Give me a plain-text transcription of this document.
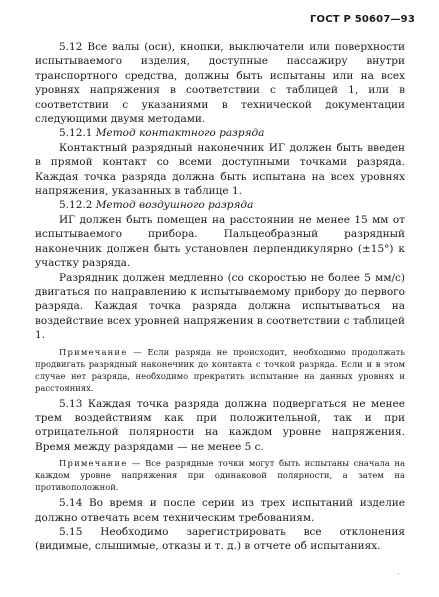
ГОСТ Р 50607—93

5.12 Все валы (оси), кнопки, выключатели или поверхности испытываемого изделия, доступные пассажиру внутри транспортного средства, должны быть испытаны или на всех уровнях напряжения в соответствии с таблицей 1, или в соответствии с указаниями в технической документации следующими двумя методами.

5.12.1 Метод контактного разряда

Контактный разрядный наконечник ИГ должен быть введен в прямой контакт со всеми доступными точками разряда. Каждая точка разряда должна быть испытана на всех уровнях напряжения, указанных в таблице 1.

5.12.2 Метод воздушного разряда

ИГ должен быть помещен на расстоянии не менее 15 мм от испытываемого прибора. Пальцеобразный разрядный наконечник должен быть установлен перпендикулярно (±15°) к участку разряда.

Разрядник должен медленно (со скоростью не более 5 мм/с) двигаться по направлению к испытываемому прибору до первого разряда. Каждая точка разряда должна испытываться на воздействие всех уровней напряжения в соответствии с таблицей 1.

Примечание — Если разряда не происходит, необходимо продолжать продвигать разрядный наконечник до контакта с точкой разряда. Если и в этом случае нет разряда, необходимо прекратить испытание на данных уровнях и расстояниях.

5.13 Каждая точка разряда должна подвергаться не менее трем воздействиям как при положительной, так и при отрицательной полярности на каждом уровне напряжения. Время между разрядами — не менее 5 с.

Примечание — Все разрядные точки могут быть испытаны сначала на каждом уровне напряжения при одинаковой полярности, а затем на противоположной.

5.14 Во время и после серии из трех испытаний изделие должно отвечать всем техническим требованиям.

5.15 Необходимо зарегистрировать все отклонения (видимые, слышимые, отказы и т. д.) в отчете об испытаниях.

·
